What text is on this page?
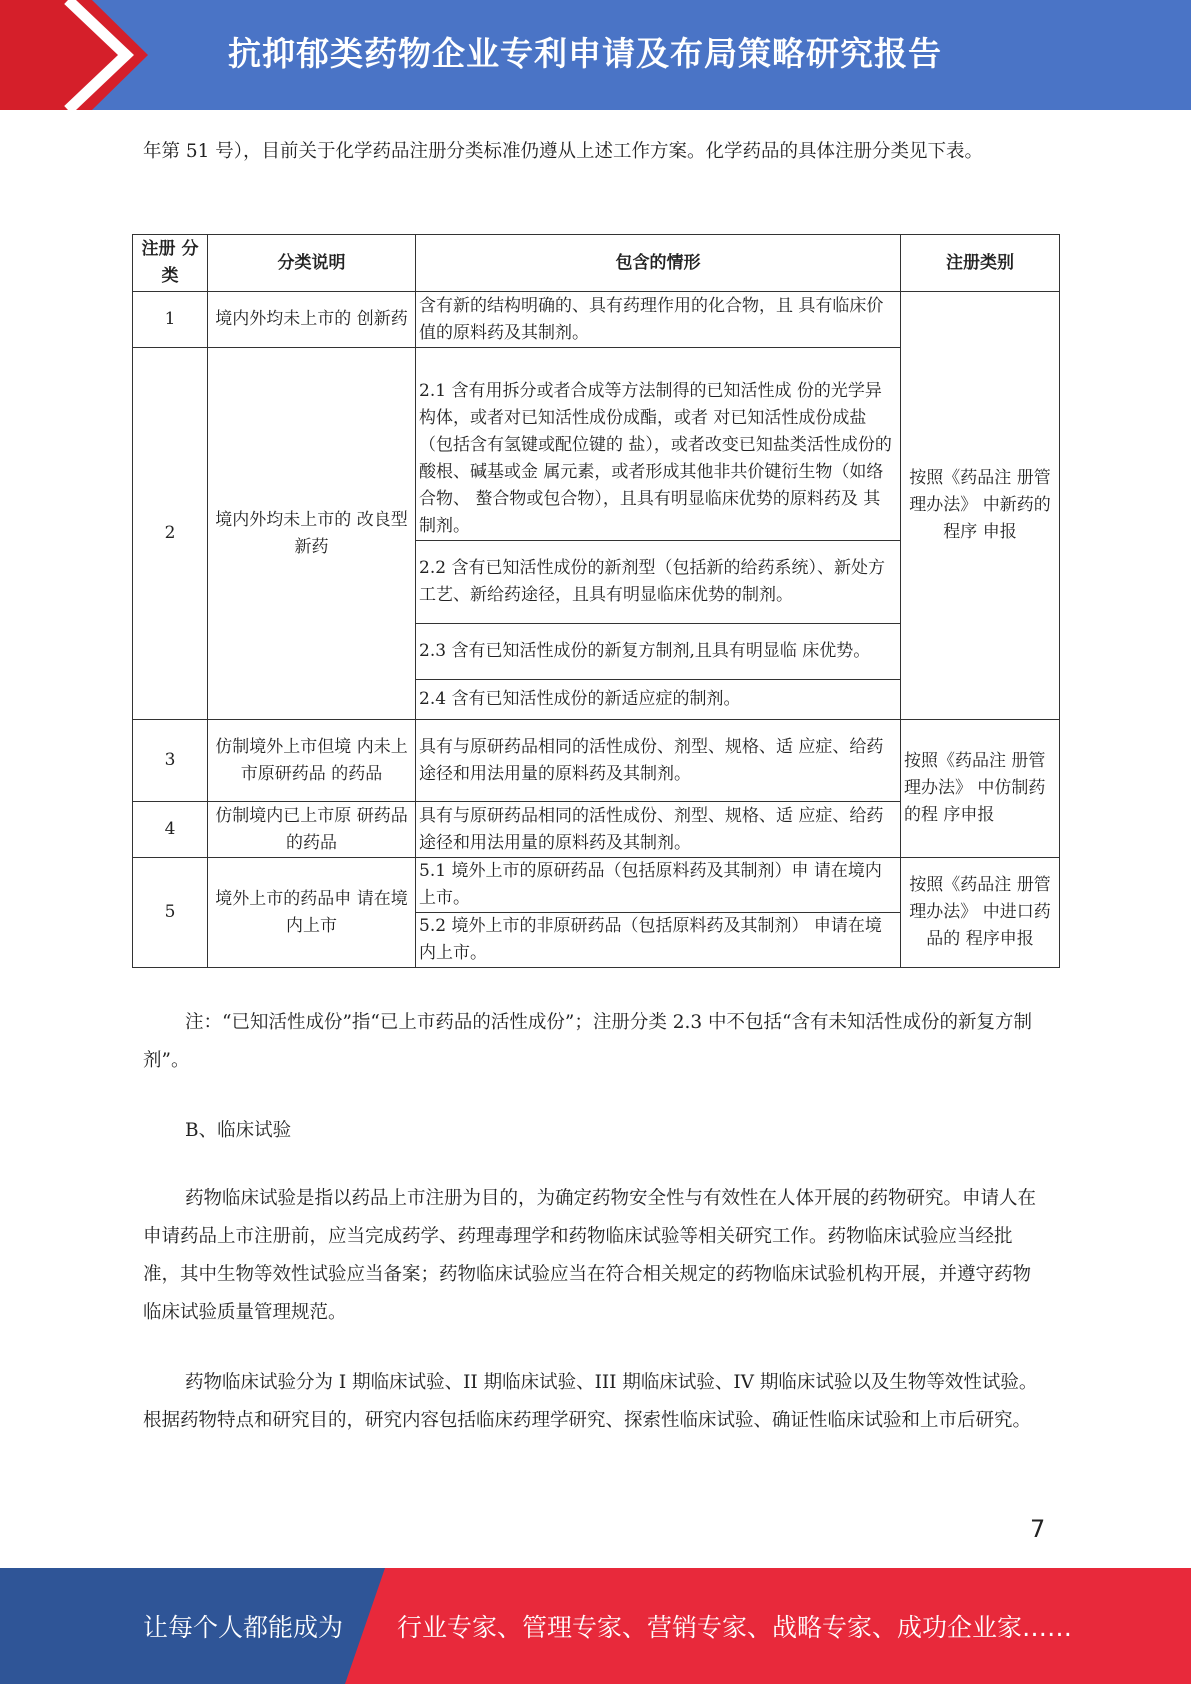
抗抑郁类药物企业专利申请及布局策略研究报告
年第 51 号），目前关于化学药品注册分类标准仍遵从上述工作方案。化学药品的具体注册分类见下表。
注册 分类	分类说明	包含的情形	注册类别
1	境内外均未上市的 创新药	含有新的结构明确的、具有药理作用的化合物，且 具有临床价值的原料药及其制剂。	按照《药品注 册管理办法》 中新药的程序 申报
2	境内外均未上市的 改良型新药	2.1 含有用拆分或者合成等方法制得的已知活性成 份的光学异构体，或者对已知活性成份成酯，或者 对已知活性成份成盐（包括含有氢键或配位键的 盐），或者改变已知盐类活性成份的酸根、碱基或金 属元素，或者形成其他非共价键衍生物（如络合物、 螯合物或包合物），且具有明显临床优势的原料药及 其制剂。	
		2.2 含有已知活性成份的新剂型（包括新的给药系统）、新处方工艺、新给药途径，且具有明显临床优势的制剂。	
		2.3 含有已知活性成份的新复方制剂,且具有明显临 床优势。	
		2.4 含有已知活性成份的新适应症的制剂。	
3	仿制境外上市但境 内未上市原研药品 的药品	具有与原研药品相同的活性成份、剂型、规格、适 应症、给药途径和用法用量的原料药及其制剂。	按照《药品注 册管理办法》 中仿制药的程 序申报
4	仿制境内已上市原 研药品的药品	具有与原研药品相同的活性成份、剂型、规格、适 应症、给药途径和用法用量的原料药及其制剂。	
5	境外上市的药品申 请在境内上市	5.1 境外上市的原研药品（包括原料药及其制剂）申 请在境内上市。	按照《药品注 册管理办法》 中进口药品的 程序申报
		5.2 境外上市的非原研药品（包括原料药及其制剂） 申请在境内上市。	
注：“已知活性成份”指“已上市药品的活性成份”；注册分类 2.3 中不包括“含有未知活性成份的新复方制剂”。
B、临床试验
药物临床试验是指以药品上市注册为目的，为确定药物安全性与有效性在人体开展的药物研究。申请人在申请药品上市注册前，应当完成药学、药理毒理学和药物临床试验等相关研究工作。药物临床试验应当经批准，其中生物等效性试验应当备案；药物临床试验应当在符合相关规定的药物临床试验机构开展，并遵守药物临床试验质量管理规范。
药物临床试验分为 I 期临床试验、II 期临床试验、III 期临床试验、IV 期临床试验以及生物等效性试验。根据药物特点和研究目的，研究内容包括临床药理学研究、探索性临床试验、确证性临床试验和上市后研究。
7
让每个人都能成为 行业专家、管理专家、营销专家、战略专家、成功企业家……
